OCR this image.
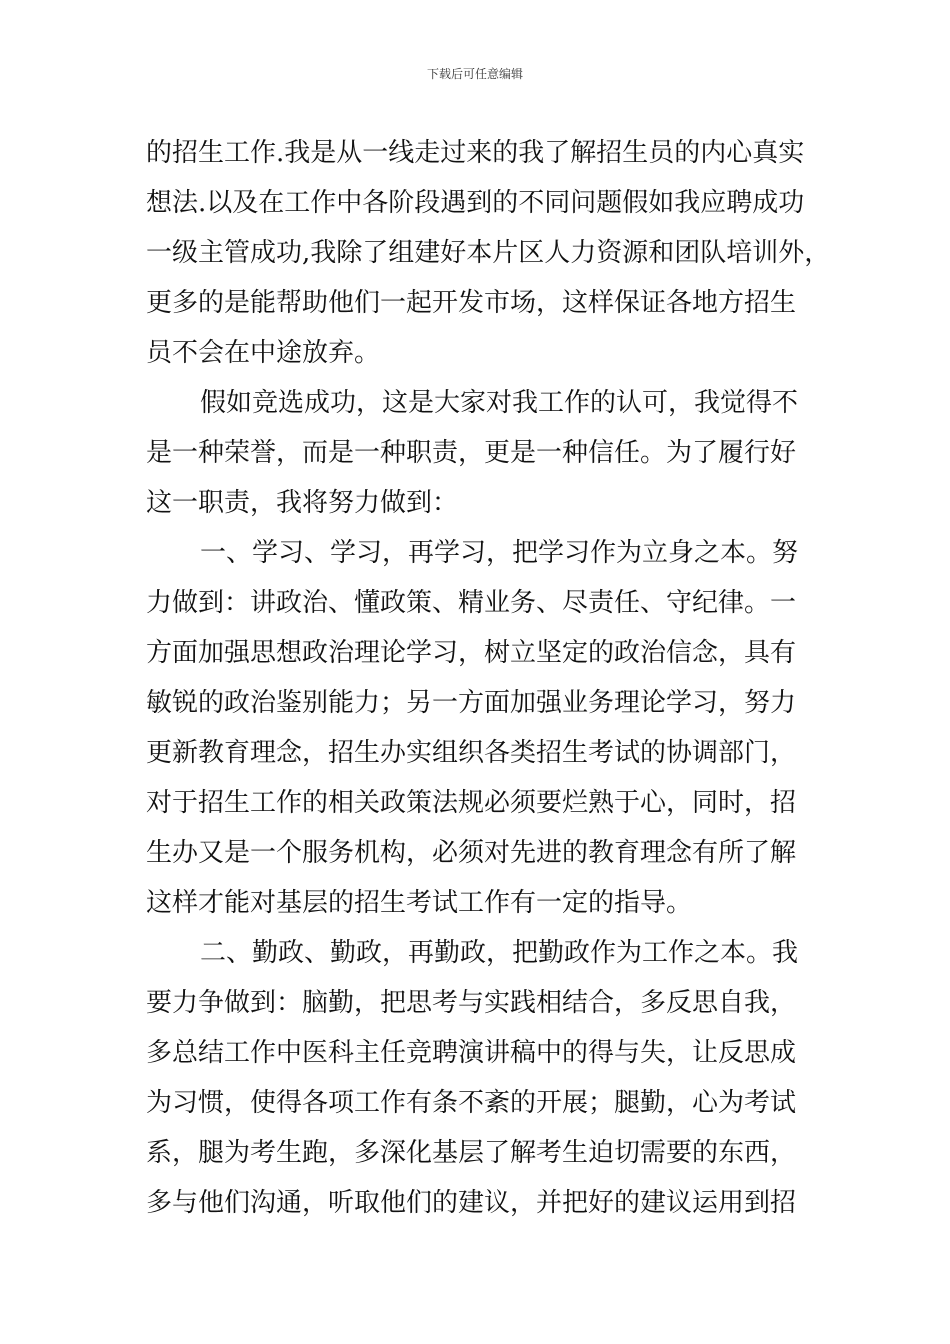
下载后可任意编辑
的招生工作.我是从一线走过来的我了解招生员的内心真实
想法.以及在工作中各阶段遇到的不同问题假如我应聘成功
一级主管成功,我除了组建好本片区人力资源和团队培训外，
更多的是能帮助他们一起开发市场，这样保证各地方招生
员不会在中途放弃。
假如竞选成功，这是大家对我工作的认可，我觉得不
是一种荣誉，而是一种职责，更是一种信任。为了履行好
这一职责，我将努力做到：
一、学习、学习，再学习，把学习作为立身之本。努
力做到：讲政治、懂政策、精业务、尽责任、守纪律。一
方面加强思想政治理论学习，树立坚定的政治信念，具有
敏锐的政治鉴别能力；另一方面加强业务理论学习，努力
更新教育理念，招生办实组织各类招生考试的协调部门，
对于招生工作的相关政策法规必须要烂熟于心，同时，招
生办又是一个服务机构，必须对先进的教育理念有所了解
这样才能对基层的招生考试工作有一定的指导。
二、勤政、勤政，再勤政，把勤政作为工作之本。我
要力争做到：脑勤，把思考与实践相结合，多反思自我，
多总结工作中医科主任竞聘演讲稿中的得与失，让反思成
为习惯，使得各项工作有条不紊的开展；腿勤，心为考试
系，腿为考生跑，多深化基层了解考生迫切需要的东西，
多与他们沟通，听取他们的建议，并把好的建议运用到招
